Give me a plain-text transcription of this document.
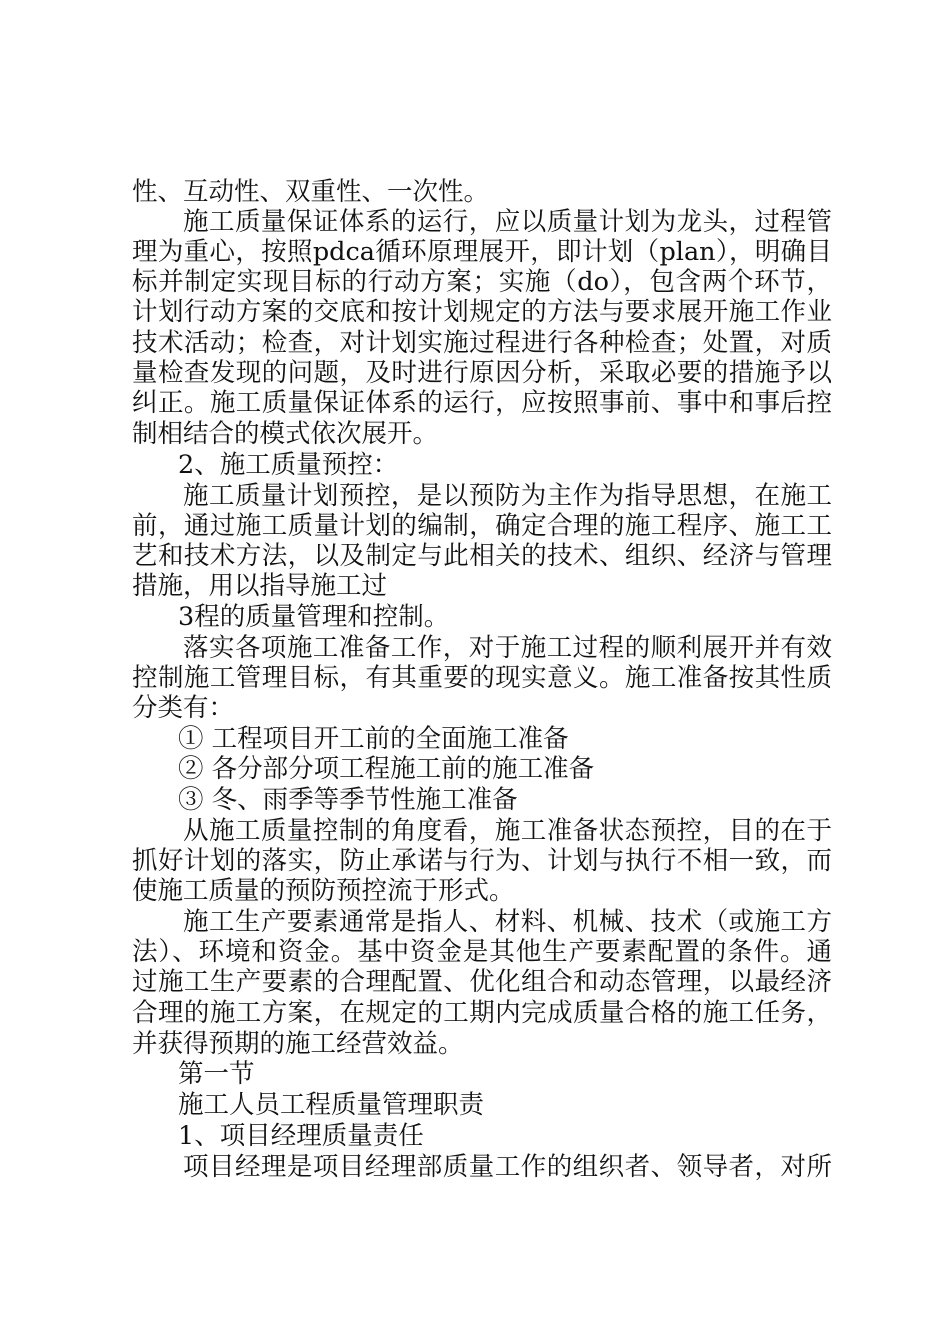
性、互动性、双重性、一次性。
施工质量保证体系的运行，应以质量计划为龙头，过程管
理为重心，按照pdca循环原理展开，即计划（plan），明确目
标并制定实现目标的行动方案；实施（do），包含两个环节，
计划行动方案的交底和按计划规定的方法与要求展开施工作业
技术活动；检查，对计划实施过程进行各种检查；处置，对质
量检查发现的问题，及时进行原因分析，采取必要的措施予以
纠正。施工质量保证体系的运行，应按照事前、事中和事后控
制相结合的模式依次展开。
2、施工质量预控：
施工质量计划预控，是以预防为主作为指导思想，在施工
前，通过施工质量计划的编制，确定合理的施工程序、施工工
艺和技术方法，以及制定与此相关的技术、组织、经济与管理
措施，用以指导施工过
3程的质量管理和控制。
落实各项施工准备工作，对于施工过程的顺利展开并有效
控制施工管理目标，有其重要的现实意义。施工准备按其性质
分类有：
① 工程项目开工前的全面施工准备
② 各分部分项工程施工前的施工准备
③ 冬、雨季等季节性施工准备
从施工质量控制的角度看，施工准备状态预控，目的在于
抓好计划的落实，防止承诺与行为、计划与执行不相一致，而
使施工质量的预防预控流于形式。
施工生产要素通常是指人、材料、机械、技术（或施工方
法）、环境和资金。基中资金是其他生产要素配置的条件。通
过施工生产要素的合理配置、优化组合和动态管理，以最经济
合理的施工方案，在规定的工期内完成质量合格的施工任务，
并获得预期的施工经营效益。
第一节
施工人员工程质量管理职责
1、项目经理质量责任
项目经理是项目经理部质量工作的组织者、领导者，对所
